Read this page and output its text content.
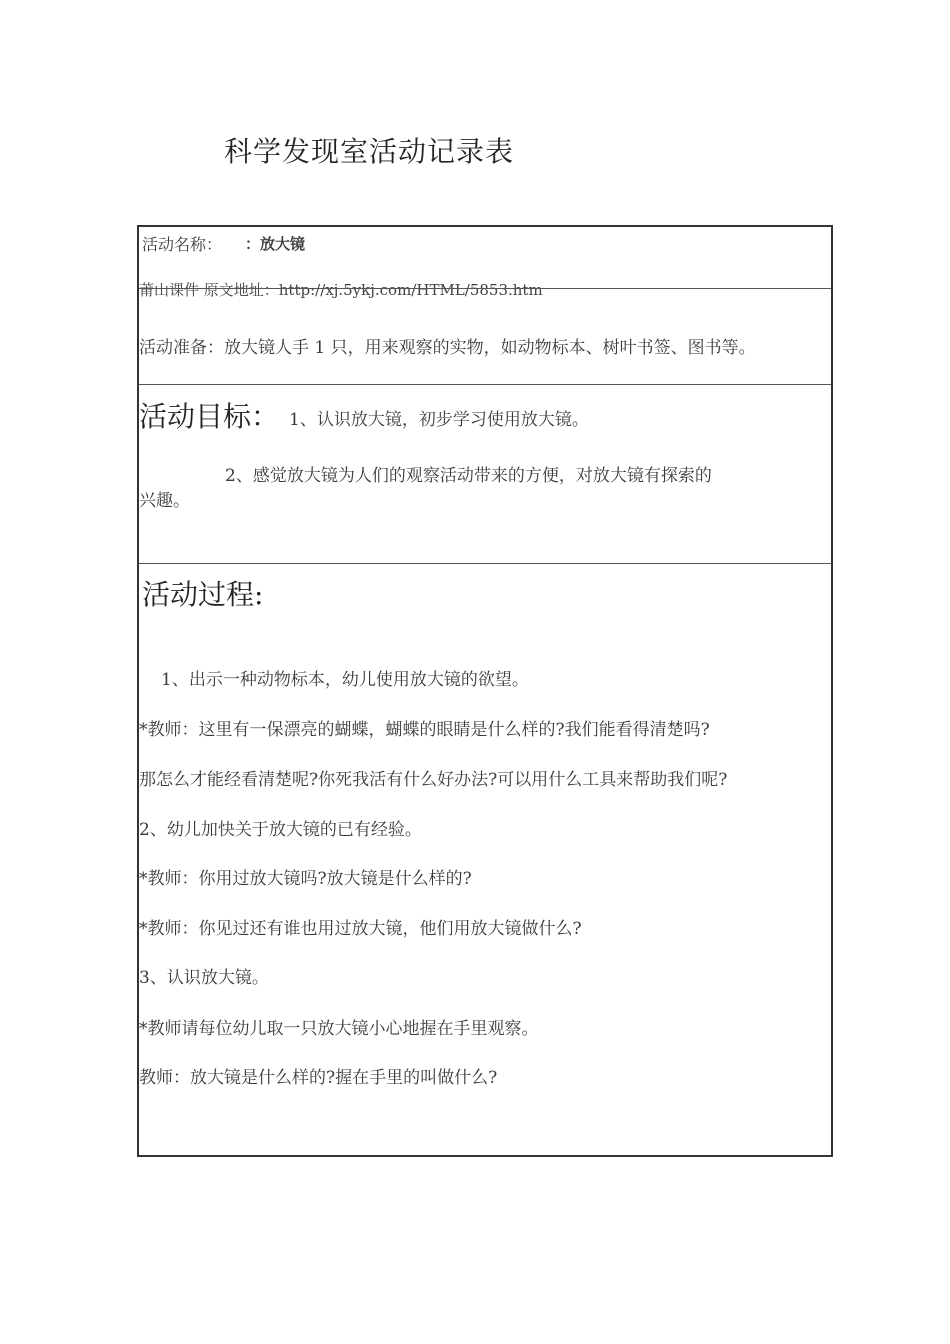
科学发现室活动记录表
活动名称： ：放大镜
莆山课件 原文地址：http://xj.5ykj.com/HTML/5853.htm
活动准备：放大镜人手 1 只，用来观察的实物，如动物标本、树叶书签、图书等。
活动目标： 1、认识放大镜，初步学习使用放大镜。
2、感觉放大镜为人们的观察活动带来的方便，对放大镜有探索的
兴趣。
活动过程:
1、出示一种动物标本，幼儿使用放大镜的欲望。
*教师：这里有一保漂亮的蝴蝶，蝴蝶的眼睛是什么样的?我们能看得清楚吗?
那怎么才能经看清楚呢?你死我活有什么好办法?可以用什么工具来帮助我们呢?
2、幼儿加快关于放大镜的已有经验。
*教师：你用过放大镜吗?放大镜是什么样的?
*教师：你见过还有谁也用过放大镜，他们用放大镜做什么?
3、认识放大镜。
*教师请每位幼儿取一只放大镜小心地握在手里观察。
教师：放大镜是什么样的?握在手里的叫做什么?
